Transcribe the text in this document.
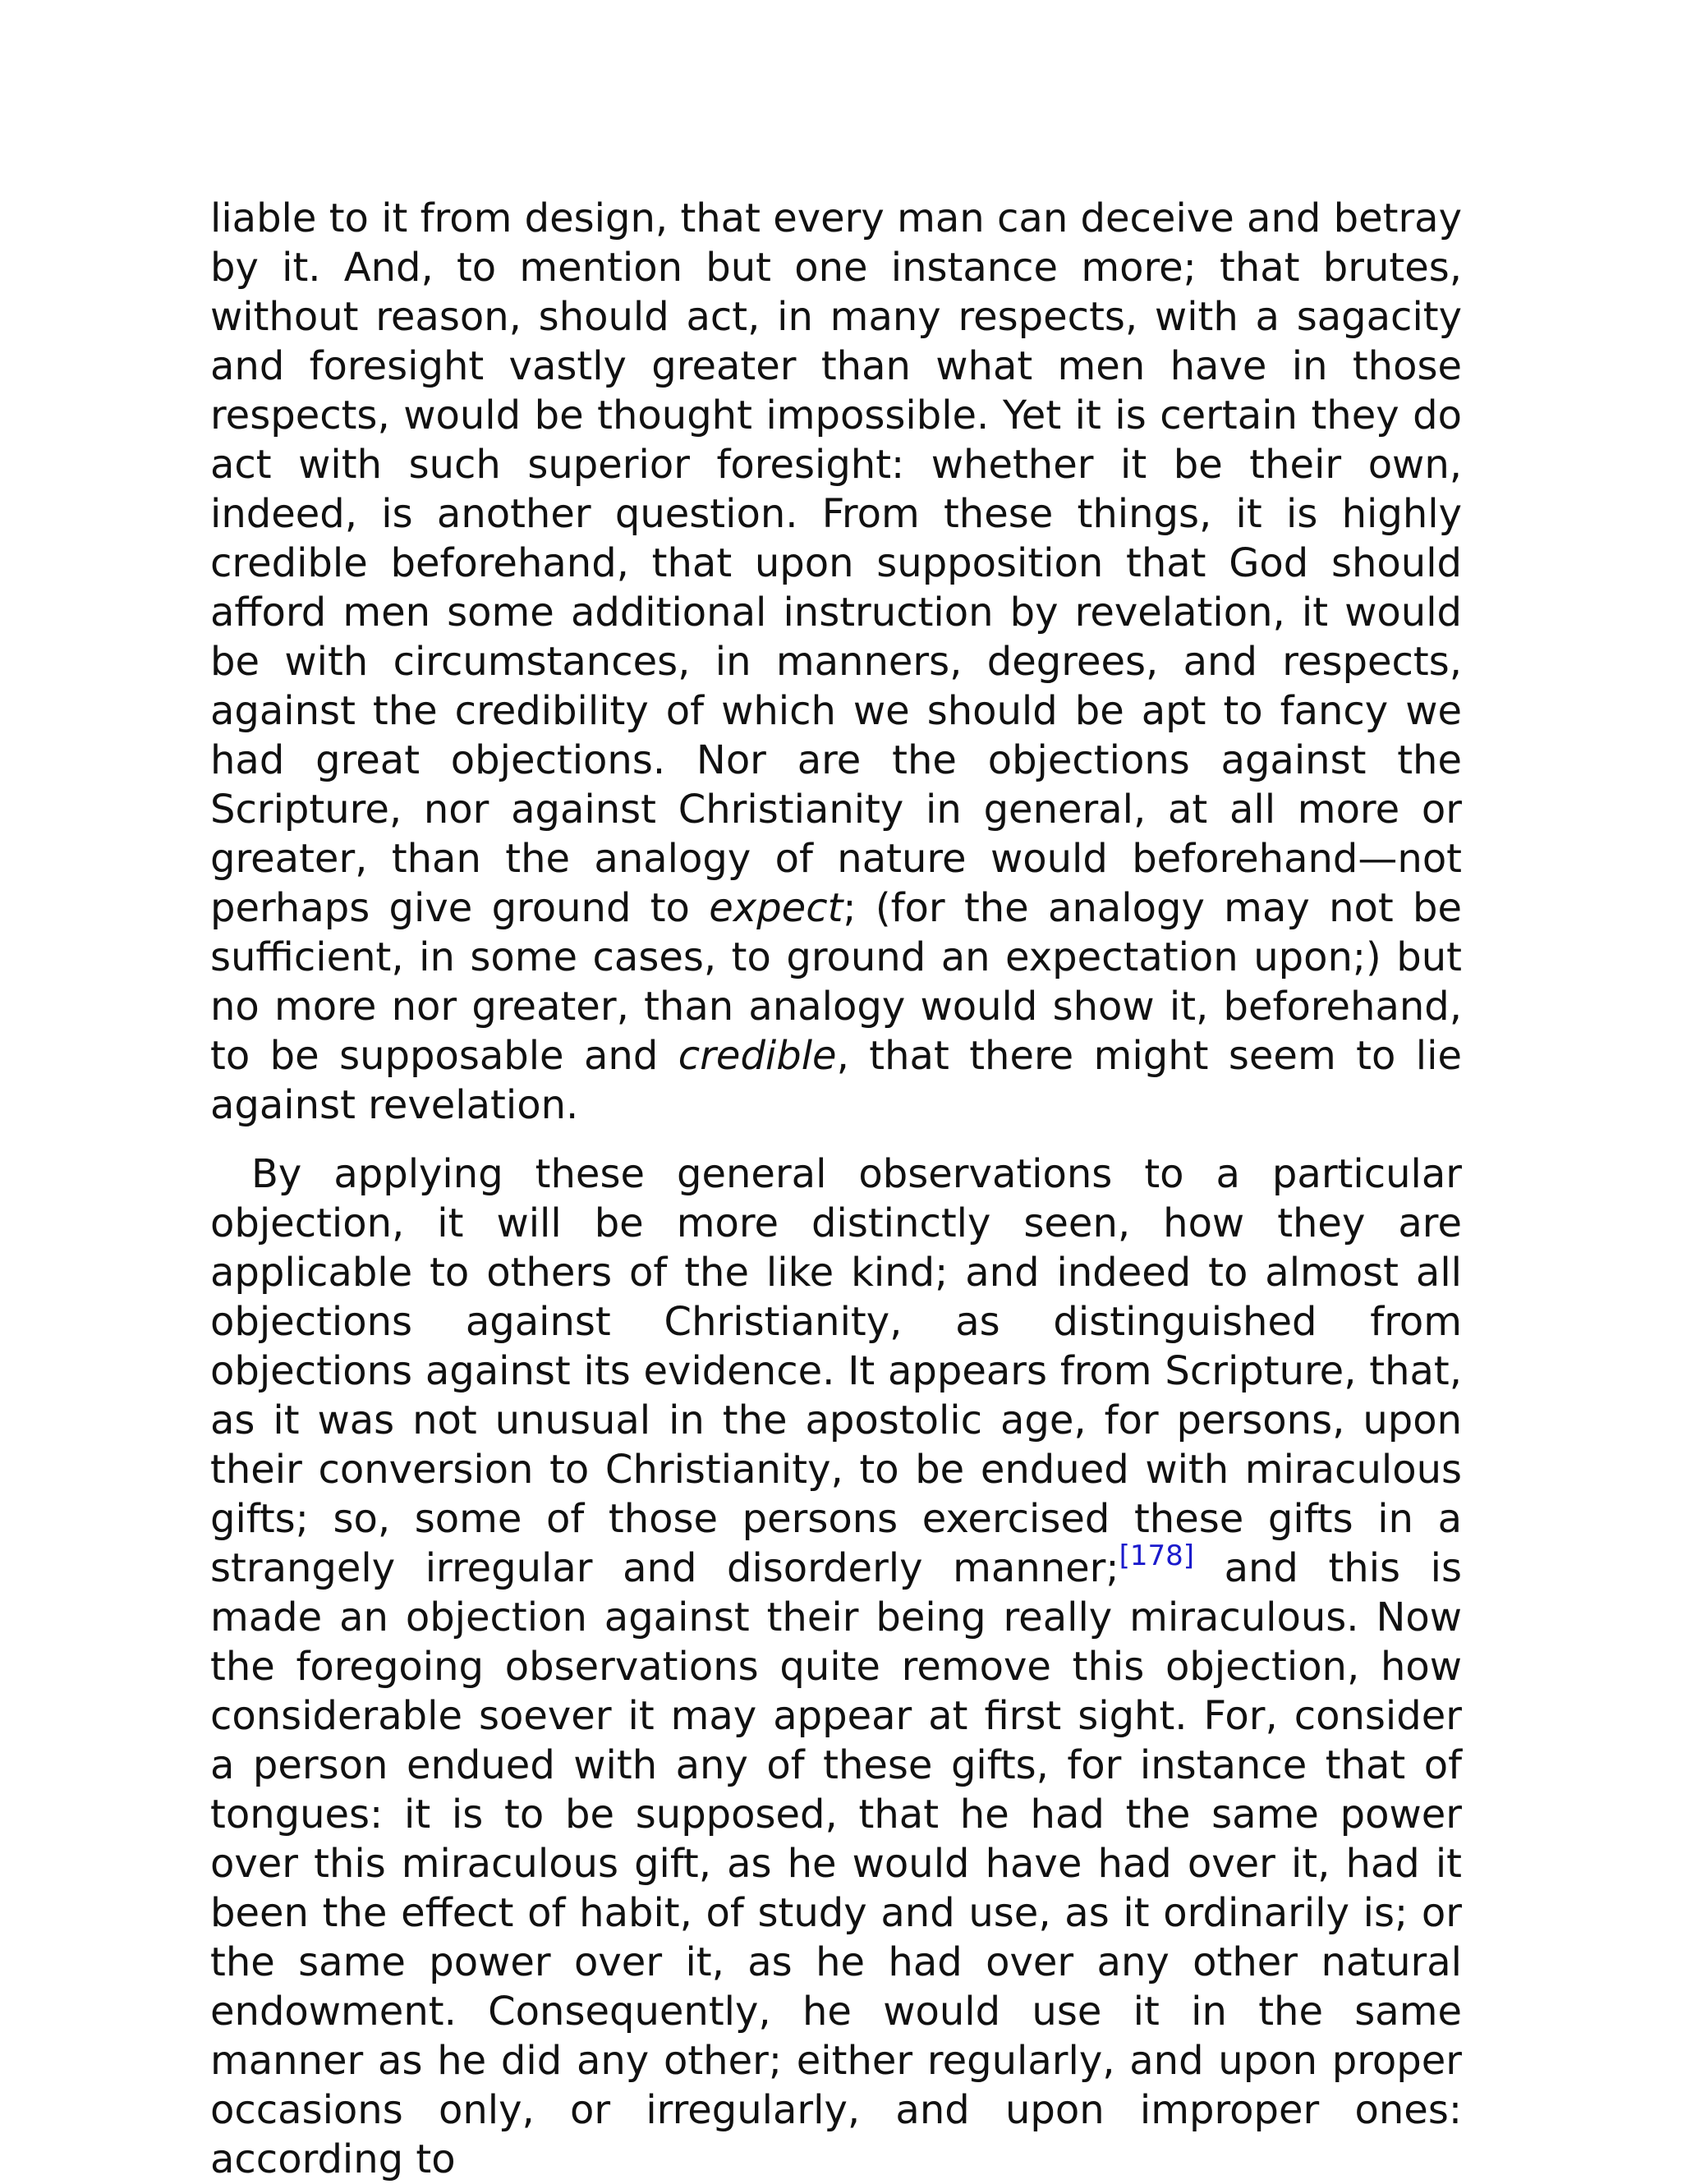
liable to it from design, that every man can deceive and betray by it. And, to mention but one instance more; that brutes, without reason, should act, in many respects, with a sagacity and foresight vastly greater than what men have in those respects, would be thought impossible. Yet it is certain they do act with such superior foresight: whether it be their own, indeed, is another question. From these things, it is highly credible beforehand, that upon supposition that God should afford men some additional instruction by revelation, it would be with circumstances, in manners, degrees, and respects, against the credibility of which we should be apt to fancy we had great objections. Nor are the objections against the Scripture, nor against Christianity in general, at all more or greater, than the analogy of nature would beforehand—not perhaps give ground to expect; (for the analogy may not be sufficient, in some cases, to ground an expectation upon;) but no more nor greater, than analogy would show it, beforehand, to be supposable and credible, that there might seem to lie against revelation.

By applying these general observations to a particular objection, it will be more distinctly seen, how they are applicable to others of the like kind; and indeed to almost all objections against Christianity, as distinguished from objections against its evidence. It appears from Scripture, that, as it was not unusual in the apostolic age, for persons, upon their conversion to Christianity, to be endued with miraculous gifts; so, some of those persons exercised these gifts in a strangely irregular and disorderly manner;[178] and this is made an objection against their being really miraculous. Now the foregoing observations quite remove this objection, how considerable soever it may appear at first sight. For, consider a person endued with any of these gifts, for instance that of tongues: it is to be supposed, that he had the same power over this miraculous gift, as he would have had over it, had it been the effect of habit, of study and use, as it ordinarily is; or the same power over it, as he had over any other natural endowment. Consequently, he would use it in the same manner as he did any other; either regularly, and upon proper occasions only, or irregularly, and upon improper ones: according to
